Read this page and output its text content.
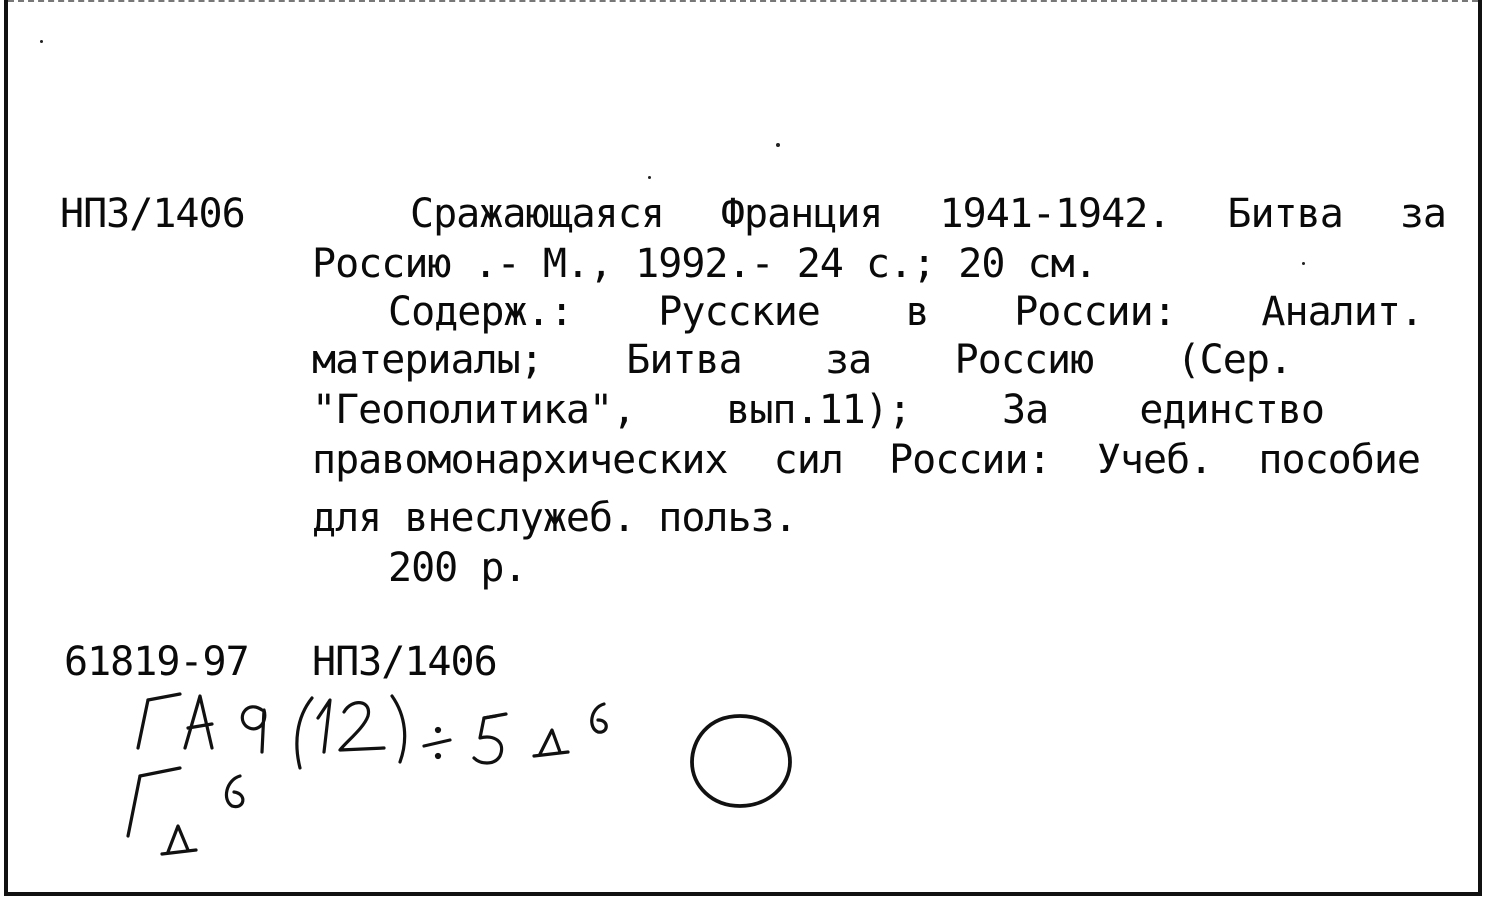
НПЗ/1406	Сражающаяся Франция 1941-1942. Битва за
Россию .- М., 1992.- 24 с.; 20 см.
Содерж.: Русские в России: Аналит.
материалы; Битва за Россию (Сер.
"Геополитика", вып.11); За единство
правомонархических сил России: Учеб. пособие
для внеслужеб. польз.
200 р.
61819-97 НПЗ/1406
